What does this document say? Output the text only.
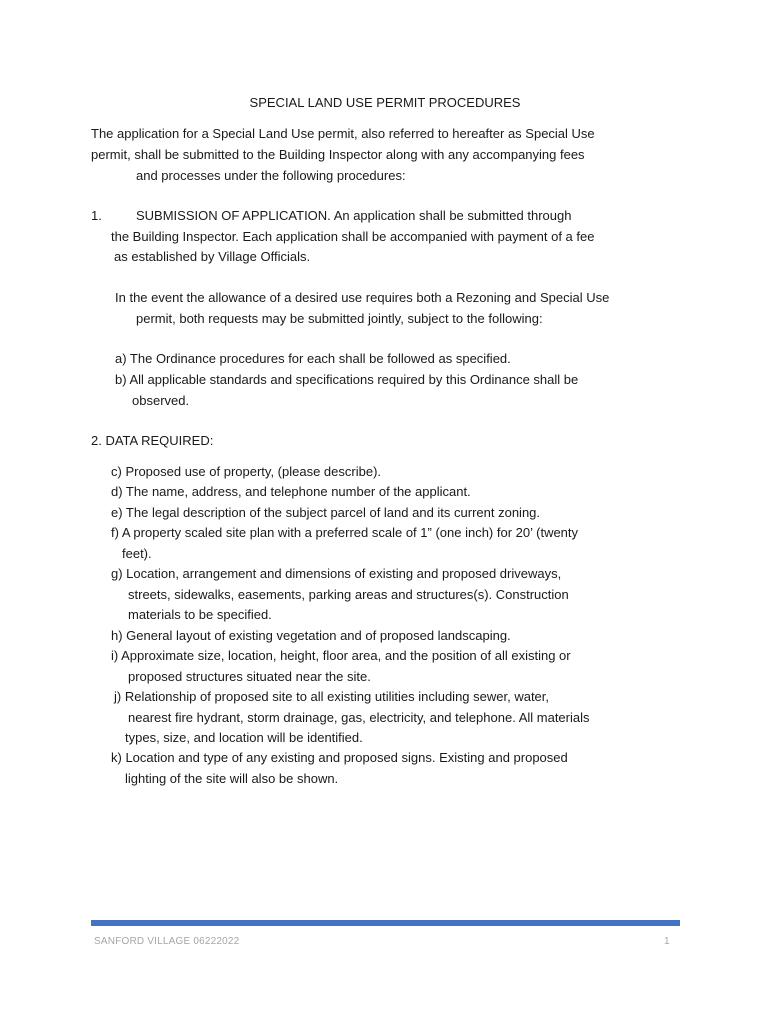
SPECIAL LAND USE PERMIT PROCEDURES
The application for a Special Land Use permit, also referred to hereafter as Special Use
permit, shall be submitted to the Building Inspector along with any accompanying fees
and processes under the following procedures:
1.	SUBMISSION OF APPLICATION. An application shall be submitted through
the Building Inspector. Each application shall be accompanied with payment of a fee
as established by Village Officials.
In the event the allowance of a desired use requires both a Rezoning and Special Use
permit, both requests may be submitted jointly, subject to the following:
a) The Ordinance procedures for each shall be followed as specified.
b) All applicable standards and specifications required by this Ordinance shall be
observed.
2. DATA REQUIRED:
c) Proposed use of property, (please describe).
d) The name, address, and telephone number of the applicant.
e) The legal description of the subject parcel of land and its current zoning.
f) A property scaled site plan with a preferred scale of 1” (one inch) for 20’ (twenty
feet).
g) Location, arrangement and dimensions of existing and proposed driveways,
streets, sidewalks, easements, parking areas and structures(s). Construction
materials to be specified.
h) General layout of existing vegetation and of proposed landscaping.
i) Approximate size, location, height, floor area, and the position of all existing or
proposed structures situated near the site.
j) Relationship of proposed site to all existing utilities including sewer, water,
nearest fire hydrant, storm drainage, gas, electricity, and telephone. All materials
types, size, and location will be identified.
k) Location and type of any existing and proposed signs. Existing and proposed
lighting of the site will also be shown.
SANFORD VILLAGE 06222022	1
